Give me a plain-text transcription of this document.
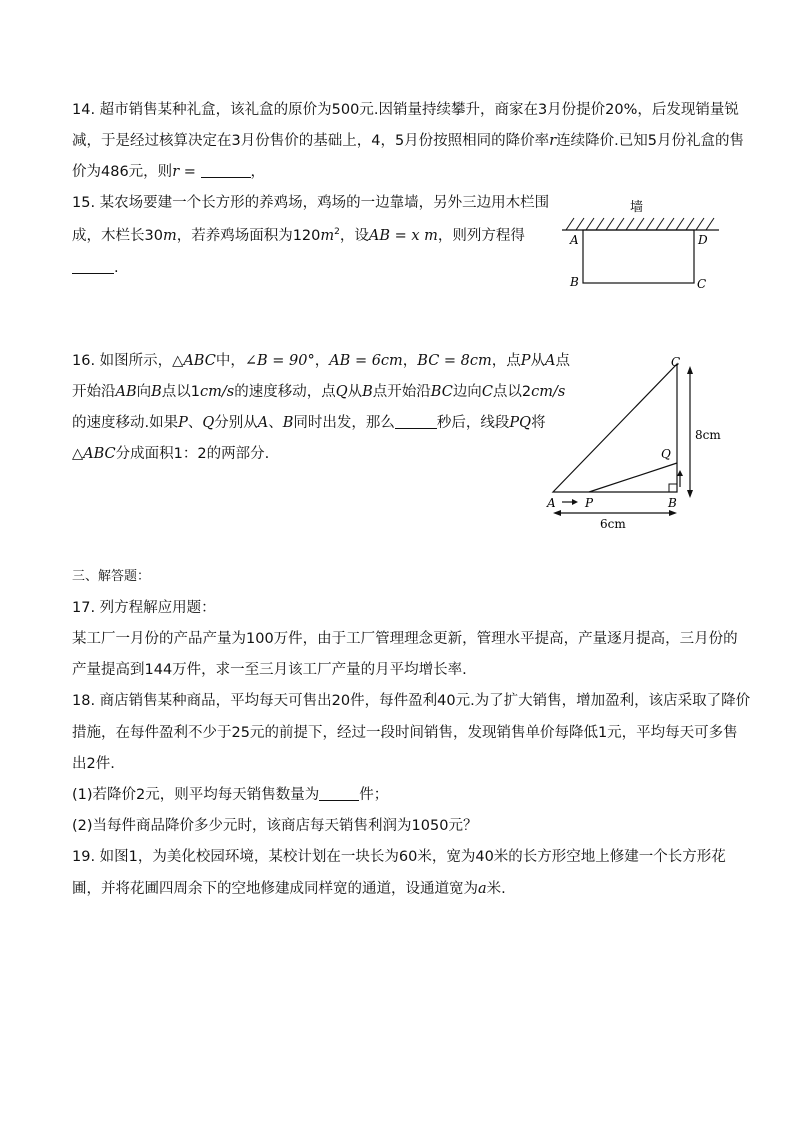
14. 超市销售某种礼盒，该礼盒的原价为500元.因销量持续攀升，商家在3月份提价20%，后发现销量锐
减，于是经过核算决定在3月份售价的基础上，4，5月份按照相同的降价率r连续降价.已知5月份礼盒的售
价为486元，则r =	，
15. 某农场要建一个长方形的养鸡场，鸡场的一边靠墙，另外三边用木栏围
成，木栏长30m，若养鸡场面积为$120m^2$，设AB = x m，则列方程得
.
墙
A	D
B	C
16. 如图所示，△ABC中，∠B = 90°，AB = 6cm，BC = 8cm，点P从A点
开始沿AB向B点以1cm/s的速度移动，点Q从B点开始沿BC边向C点以2cm/s
的速度移动.如果P、Q分别从A、B同时出发，那么	秒后，线段PQ将
△ABC分成面积1：2的两部分.
C
Q
A P	B
8cm
6cm
三、解答题：
17. 列方程解应用题：
某工厂一月份的产品产量为100万件，由于工厂管理理念更新，管理水平提高，产量逐月提高，三月份的
产量提高到144万件，求一至三月该工厂产量的月平均增长率.
18. 商店销售某种商品，平均每天可售出20件，每件盈利40元.为了扩大销售，增加盈利，该店采取了降价
措施，在每件盈利不少于25元的前提下，经过一段时间销售，发现销售单价每降低1元，平均每天可多售
出2件.
(1)若降价2元，则平均每天销售数量为	件；
(2)当每件商品降价多少元时，该商店每天销售利润为1050元？
19. 如图1，为美化校园环境，某校计划在一块长为60米，宽为40米的长方形空地上修建一个长方形花
圃，并将花圃四周余下的空地修建成同样宽的通道，设通道宽为a米.
